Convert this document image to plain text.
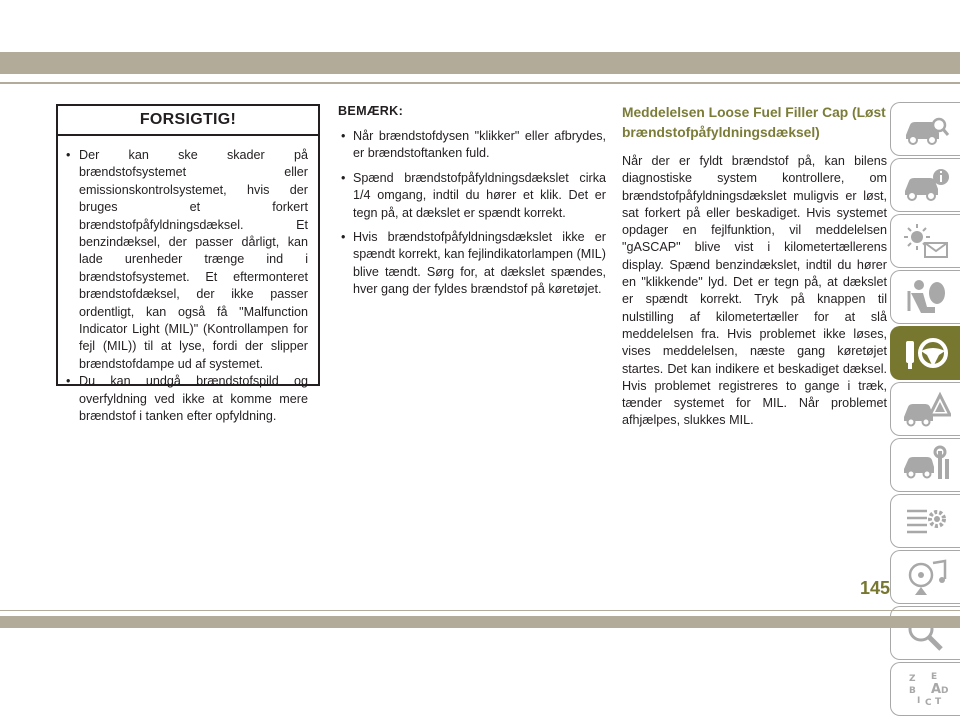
FORSIGTIG!
• Der kan ske skader på brændstofsystemet eller emissionskontrolsystemet, hvis der bruges et forkert brændstofpåfyldningsdæksel. Et benzindæksel, der passer dårligt, kan lade urenheder trænge ind i brændstofsystemet. Et eftermonteret brændstofdæksel, der ikke passer ordentligt, kan også få "Malfunction Indicator Light (MIL)" (Kontrollampen for fejl (MIL)) til at lyse, fordi der slipper brændstofdampe ud af systemet.
• Du kan undgå brændstofspild og overfyldning ved ikke at komme mere brændstof i tanken efter opfyldning.
BEMÆRK:
• Når brændstofdysen "klikker" eller afbrydes, er brændstoftanken fuld.
• Spænd brændstofpåfyldningsdækslet cirka 1/4 omgang, indtil du hører et klik. Det er tegn på, at dækslet er spændt korrekt.
• Hvis brændstofpåfyldningsdækslet ikke er spændt korrekt, kan fejlindikatorlampen (MIL) blive tændt. Sørg for, at dækslet spændes, hver gang der fyldes brændstof på køretøjet.
Meddelelsen Loose Fuel Filler Cap (Løst brændstofpåfyldningsdæksel)

Når der er fyldt brændstof på, kan bilens diagnostiske system kontrollere, om brændstofpåfyldningsdækslet muligvis er løst, sat forkert på eller beskadiget. Hvis systemet opdager en fejlfunktion, vil meddelelsen "gASCAP" blive vist i kilometertællerens display. Spænd benzindækslet, indtil du hører en "klikkende" lyd. Det er tegn på, at dækslet er spændt korrekt. Tryk på knappen til nulstilling af kilometertæller for at slå meddelelsen fra. Hvis problemet ikke løses, vises meddelelsen, næste gang køretøjet startes. Det kan indikere et beskadiget dæksel. Hvis problemet registreres to gange i træk, tænder systemet for MIL. Når problemet afhjælpes, slukkes MIL.

Z E
B A
I C T
D
145
